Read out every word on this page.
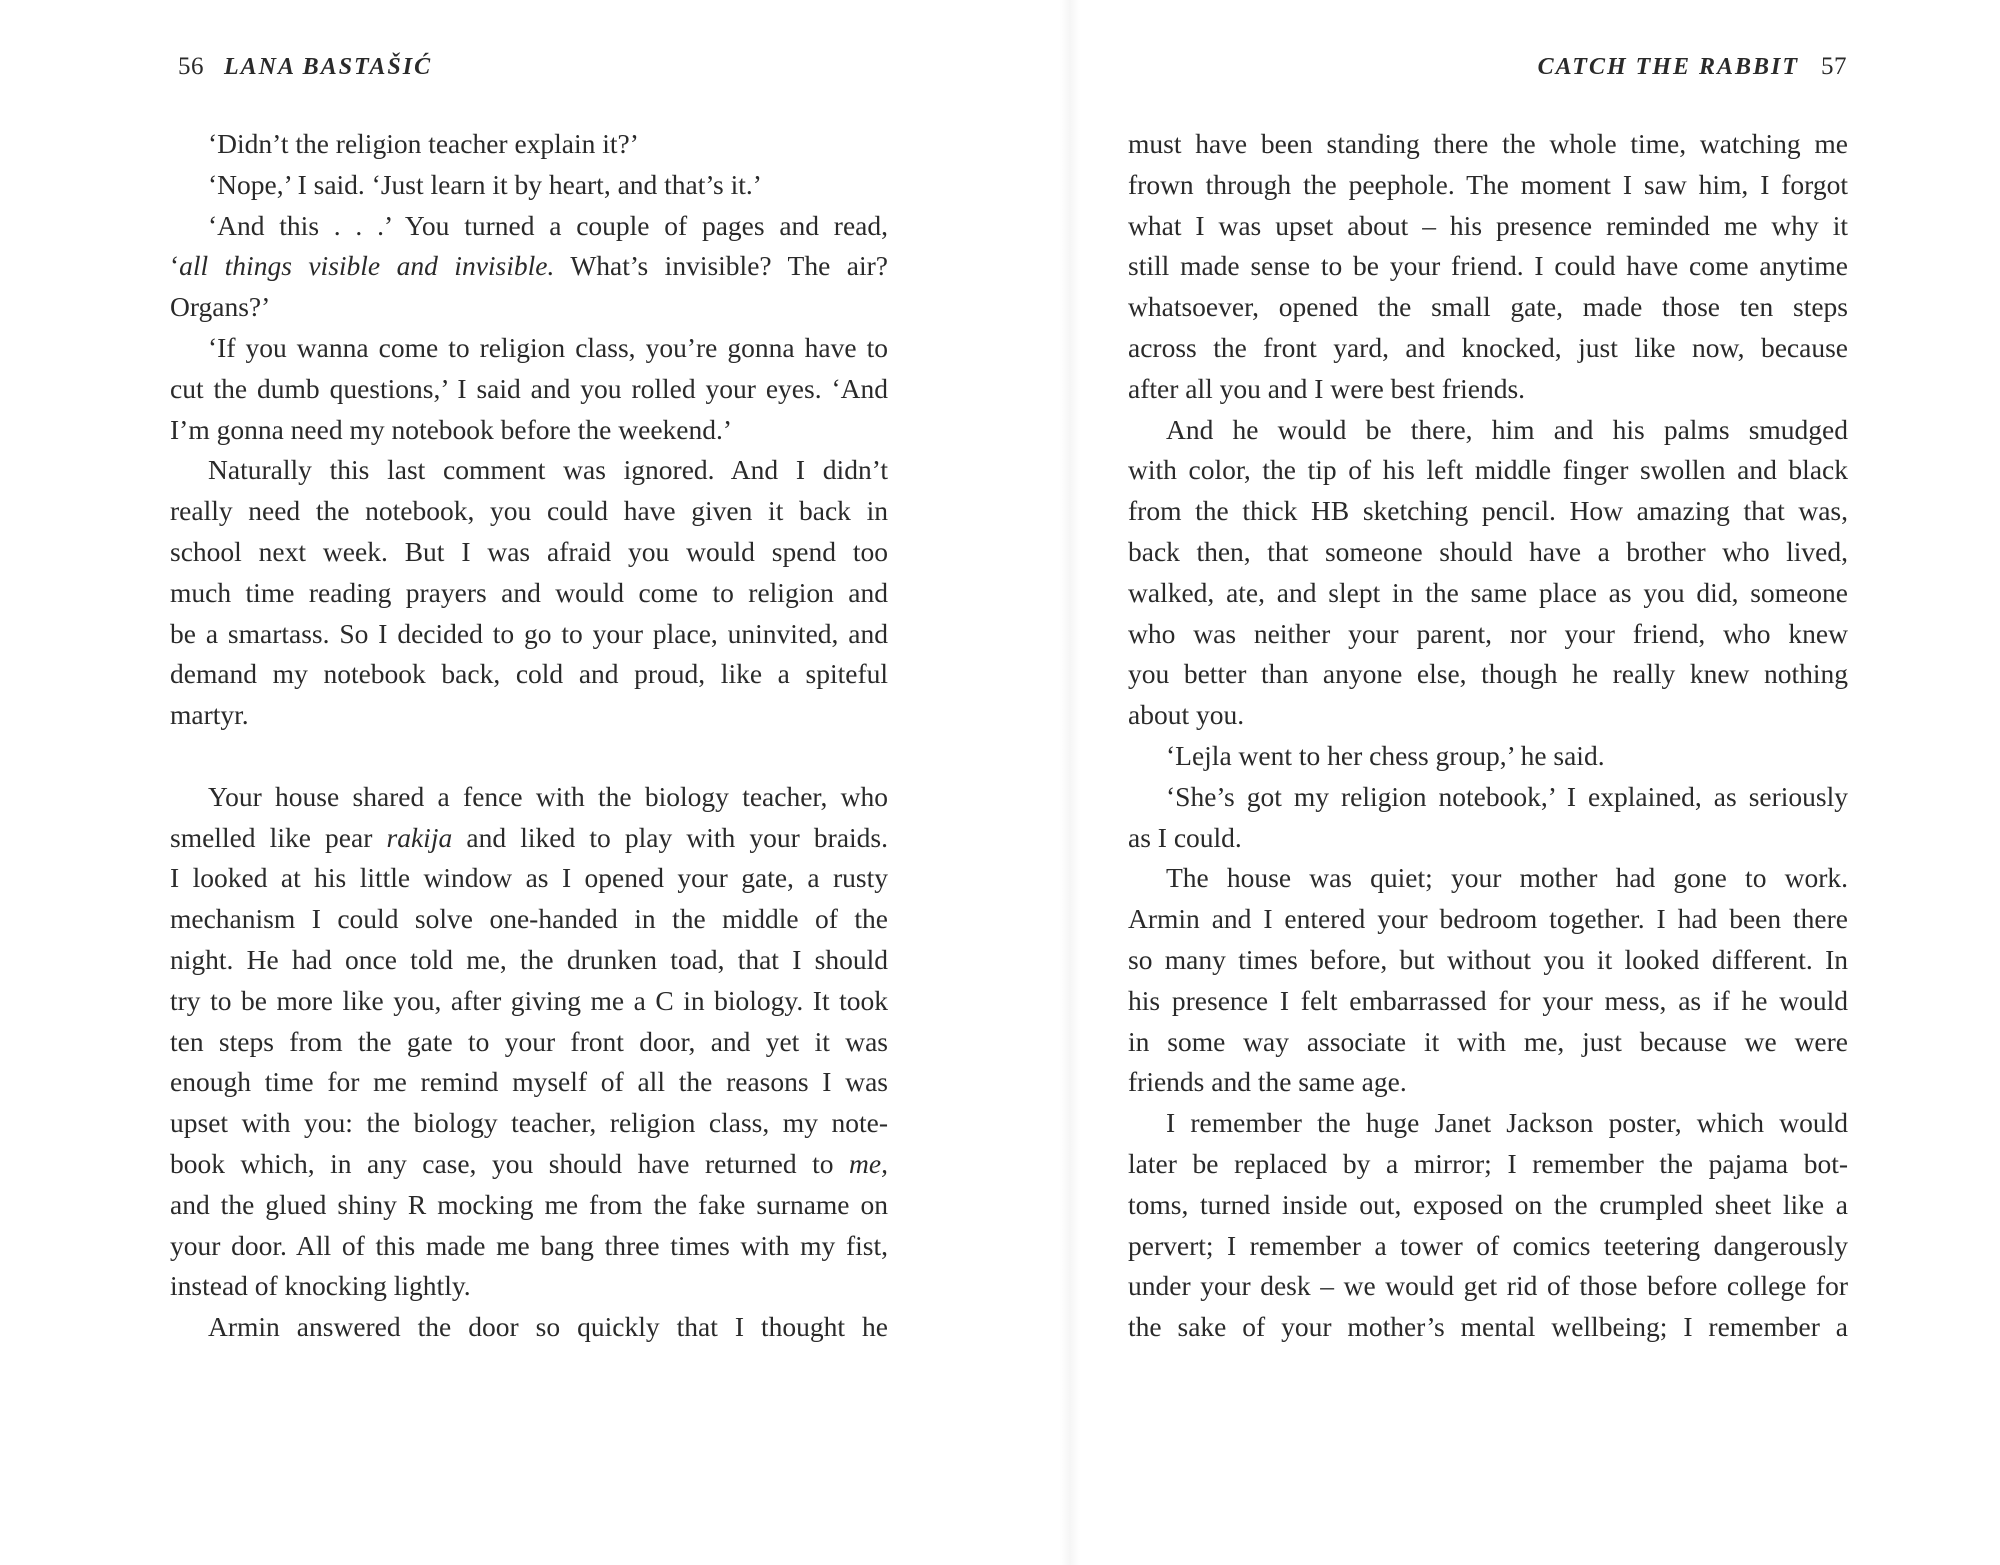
56 LANA BASTAŠIĆ
‘Didn’t the religion teacher explain it?’
‘Nope,’ I said. ‘Just learn it by heart, and that’s it.’
‘And this . . .’ You turned a couple of pages and read,
‘all things visible and invisible. What’s invisible? The air?
Organs?’
‘If you wanna come to religion class, you’re gonna have to
cut the dumb questions,’ I said and you rolled your eyes. ‘And
I’m gonna need my notebook before the weekend.’
Naturally this last comment was ignored. And I didn’t
really need the notebook, you could have given it back in
school next week. But I was afraid you would spend too
much time reading prayers and would come to religion and
be a smartass. So I decided to go to your place, uninvited, and
demand my notebook back, cold and proud, like a spiteful
martyr.
Your house shared a fence with the biology teacher, who
smelled like pear rakija and liked to play with your braids.
I looked at his little window as I opened your gate, a rusty
mechanism I could solve one-handed in the middle of the
night. He had once told me, the drunken toad, that I should
try to be more like you, after giving me a C in biology. It took
ten steps from the gate to your front door, and yet it was
enough time for me remind myself of all the reasons I was
upset with you: the biology teacher, religion class, my note-
book which, in any case, you should have returned to me,
and the glued shiny R mocking me from the fake surname on
your door. All of this made me bang three times with my fist,
instead of knocking lightly.
Armin answered the door so quickly that I thought he
CATCH THE RABBIT 57
must have been standing there the whole time, watching me
frown through the peephole. The moment I saw him, I forgot
what I was upset about – his presence reminded me why it
still made sense to be your friend. I could have come anytime
whatsoever, opened the small gate, made those ten steps
across the front yard, and knocked, just like now, because
after all you and I were best friends.
And he would be there, him and his palms smudged
with color, the tip of his left middle finger swollen and black
from the thick HB sketching pencil. How amazing that was,
back then, that someone should have a brother who lived,
walked, ate, and slept in the same place as you did, someone
who was neither your parent, nor your friend, who knew
you better than anyone else, though he really knew nothing
about you.
‘Lejla went to her chess group,’ he said.
‘She’s got my religion notebook,’ I explained, as seriously
as I could.
The house was quiet; your mother had gone to work.
Armin and I entered your bedroom together. I had been there
so many times before, but without you it looked different. In
his presence I felt embarrassed for your mess, as if he would
in some way associate it with me, just because we were
friends and the same age.
I remember the huge Janet Jackson poster, which would
later be replaced by a mirror; I remember the pajama bot-
toms, turned inside out, exposed on the crumpled sheet like a
pervert; I remember a tower of comics teetering dangerously
under your desk – we would get rid of those before college for
the sake of your mother’s mental wellbeing; I remember a
